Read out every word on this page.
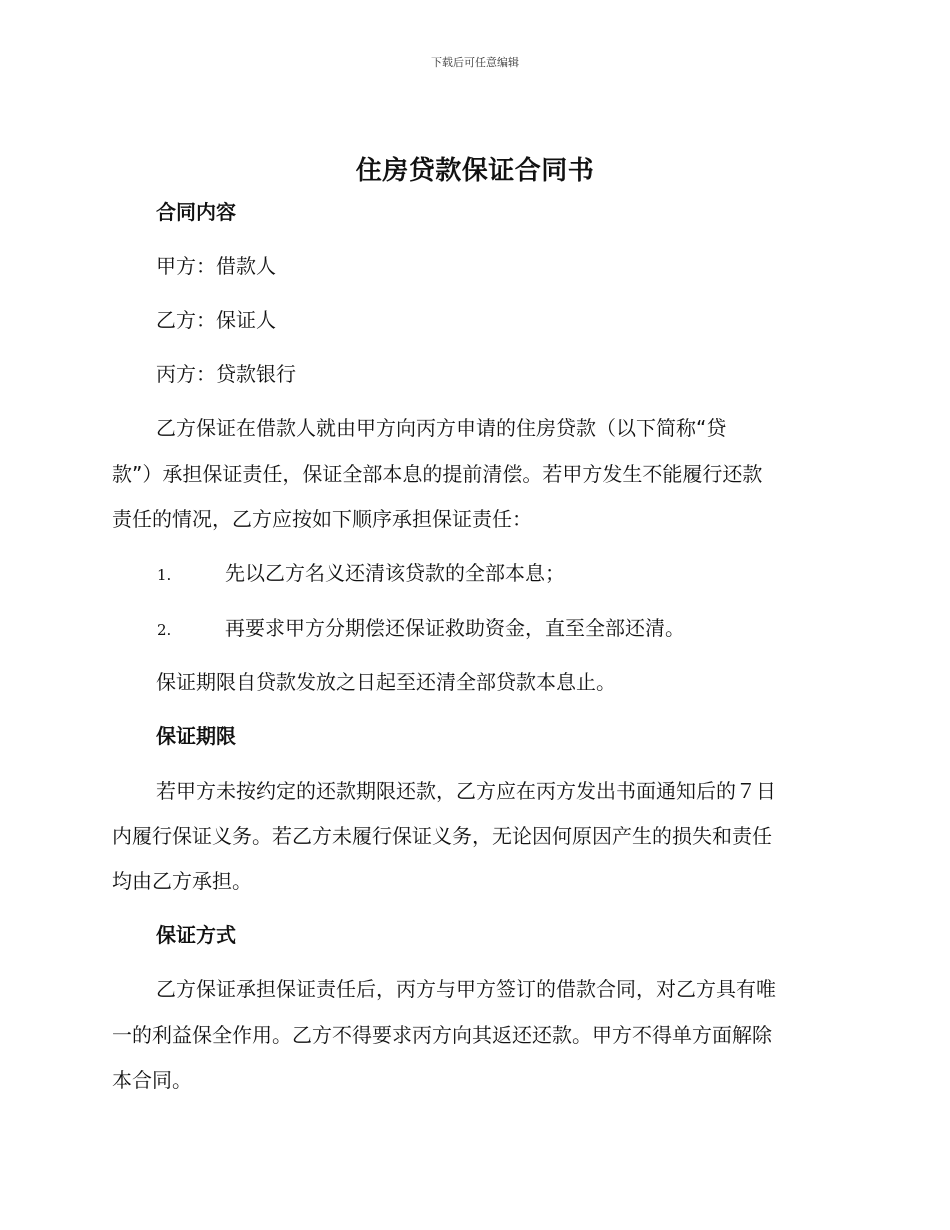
下载后可任意编辑
住房贷款保证合同书
合同内容
甲方：借款人
乙方：保证人
丙方：贷款银行
乙方保证在借款人就由甲方向丙方申请的住房贷款（以下简称“贷
款”）承担保证责任，保证全部本息的提前清偿。若甲方发生不能履行还款
责任的情况，乙方应按如下顺序承担保证责任：
1.	先以乙方名义还清该贷款的全部本息；
2.	再要求甲方分期偿还保证救助资金，直至全部还清。
保证期限自贷款发放之日起至还清全部贷款本息止。
保证期限
若甲方未按约定的还款期限还款，乙方应在丙方发出书面通知后的７日
内履行保证义务。若乙方未履行保证义务，无论因何原因产生的损失和责任
均由乙方承担。
保证方式
乙方保证承担保证责任后，丙方与甲方签订的借款合同，对乙方具有唯
一的利益保全作用。乙方不得要求丙方向其返还还款。甲方不得单方面解除
本合同。
